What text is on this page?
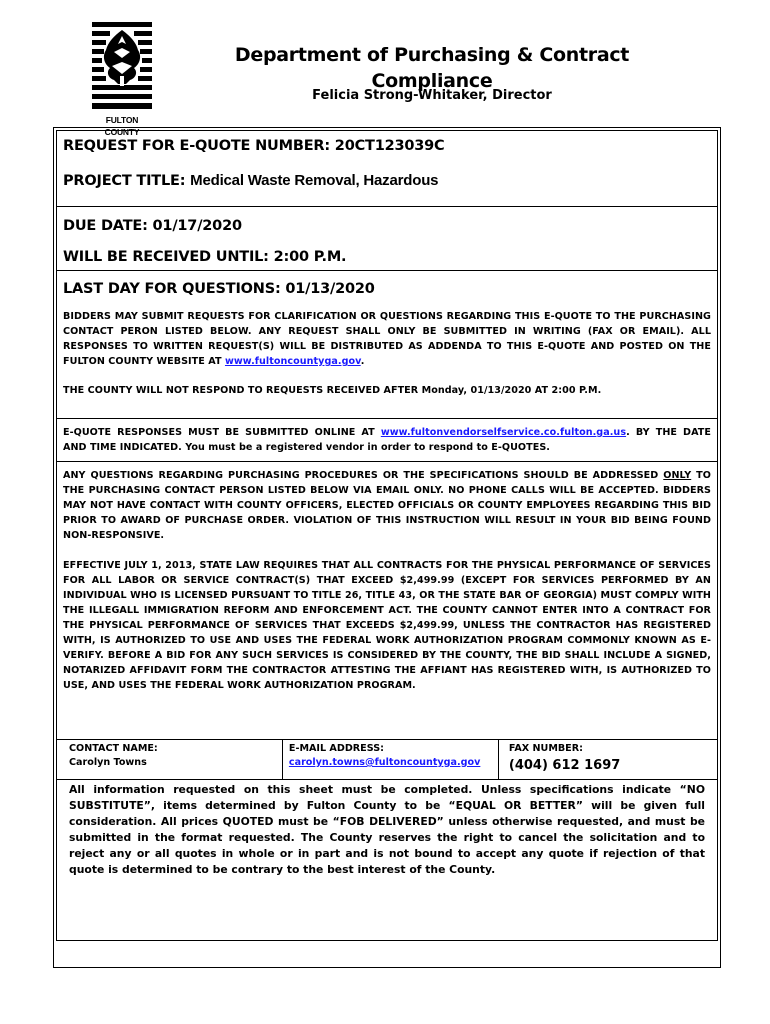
FULTON COUNTY
Department of Purchasing & Contract Compliance
Felicia Strong-Whitaker, Director
REQUEST FOR E-QUOTE NUMBER: 20CT123039C
PROJECT TITLE: Medical Waste Removal, Hazardous
DUE DATE: 01/17/2020
WILL BE RECEIVED UNTIL: 2:00 P.M.
LAST DAY FOR QUESTIONS: 01/13/2020
BIDDERS MAY SUBMIT REQUESTS FOR CLARIFICATION OR QUESTIONS REGARDING THIS E-QUOTE TO THE PURCHASING CONTACT PERON LISTED BELOW. ANY REQUEST SHALL ONLY BE SUBMITTED IN WRITING (FAX OR EMAIL). ALL RESPONSES TO WRITTEN REQUEST(S) WILL BE DISTRIBUTED AS ADDENDA TO THIS E-QUOTE AND POSTED ON THE FULTON COUNTY WEBSITE AT www.fultoncountyga.gov.
THE COUNTY WILL NOT RESPOND TO REQUESTS RECEIVED AFTER Monday, 01/13/2020 AT 2:00 P.M.
E-QUOTE RESPONSES MUST BE SUBMITTED ONLINE AT www.fultonvendorselfservice.co.fulton.ga.us. BY THE DATE AND TIME INDICATED. You must be a registered vendor in order to respond to E-QUOTES.
ANY QUESTIONS REGARDING PURCHASING PROCEDURES OR THE SPECIFICATIONS SHOULD BE ADDRESSED ONLY TO THE PURCHASING CONTACT PERSON LISTED BELOW VIA EMAIL ONLY. NO PHONE CALLS WILL BE ACCEPTED. BIDDERS MAY NOT HAVE CONTACT WITH COUNTY OFFICERS, ELECTED OFFICIALS OR COUNTY EMPLOYEES REGARDING THIS BID PRIOR TO AWARD OF PURCHASE ORDER. VIOLATION OF THIS INSTRUCTION WILL RESULT IN YOUR BID BEING FOUND NON-RESPONSIVE.
EFFECTIVE JULY 1, 2013, STATE LAW REQUIRES THAT ALL CONTRACTS FOR THE PHYSICAL PERFORMANCE OF SERVICES FOR ALL LABOR OR SERVICE CONTRACT(S) THAT EXCEED $2,499.99 (EXCEPT FOR SERVICES PERFORMED BY AN INDIVIDUAL WHO IS LICENSED PURSUANT TO TITLE 26, TITLE 43, OR THE STATE BAR OF GEORGIA) MUST COMPLY WITH THE ILLEGALL IMMIGRATION REFORM AND ENFORCEMENT ACT. THE COUNTY CANNOT ENTER INTO A CONTRACT FOR THE PHYSICAL PERFORMANCE OF SERVICES THAT EXCEEDS $2,499.99, UNLESS THE CONTRACTOR HAS REGISTERED WITH, IS AUTHORIZED TO USE AND USES THE FEDERAL WORK AUTHORIZATION PROGRAM COMMONLY KNOWN AS E-VERIFY. BEFORE A BID FOR ANY SUCH SERVICES IS CONSIDERED BY THE COUNTY, THE BID SHALL INCLUDE A SIGNED, NOTARIZED AFFIDAVIT FORM THE CONTRACTOR ATTESTING THE AFFIANT HAS REGISTERED WITH, IS AUTHORIZED TO USE, AND USES THE FEDERAL WORK AUTHORIZATION PROGRAM.
CONTACT NAME:
Carolyn Towns
E-MAIL ADDRESS:
carolyn.towns@fultoncountyga.gov
FAX NUMBER:
(404) 612 1697
All information requested on this sheet must be completed. Unless specifications indicate “NO SUBSTITUTE”, items determined by Fulton County to be “EQUAL OR BETTER” will be given full consideration. All prices QUOTED must be “FOB DELIVERED” unless otherwise requested, and must be submitted in the format requested. The County reserves the right to cancel the solicitation and to reject any or all quotes in whole or in part and is not bound to accept any quote if rejection of that quote is determined to be contrary to the best interest of the County.
